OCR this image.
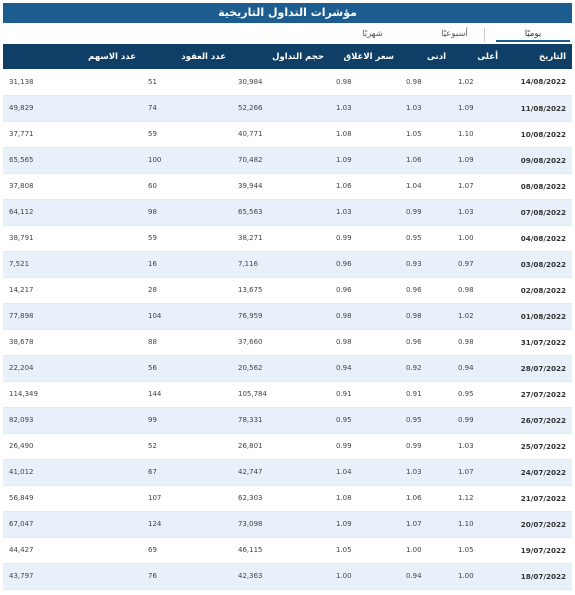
مؤشرات التداول التاريخية
يوميًا
أسبوعيًا
شهريًا
التاريخ	أعلى	ادنى	سعر الاغلاق	حجم التداول	عدد العقود	عدد الاسهم
14/08/2022	1.02	0.98	0.98	30,984	51	31,138
11/08/2022	1.09	1.03	1.03	52,266	74	49,829
10/08/2022	1.10	1.05	1.08	40,771	59	37,771
09/08/2022	1.09	1.06	1.09	70,482	100	65,565
08/08/2022	1.07	1.04	1.06	39,944	60	37,808
07/08/2022	1.03	0.99	1.03	65,563	98	64,112
04/08/2022	1.00	0.95	0.99	38,271	59	38,791
03/08/2022	0.97	0.93	0.96	7,116	16	7,521
02/08/2022	0.98	0.96	0.96	13,675	28	14,217
01/08/2022	1.02	0.98	0.98	76,959	104	77,898
31/07/2022	0.98	0.96	0.98	37,660	88	38,678
28/07/2022	0.94	0.92	0.94	20,562	56	22,204
27/07/2022	0.95	0.91	0.91	105,784	144	114,349
26/07/2022	0.99	0.95	0.95	78,331	99	82,093
25/07/2022	1.03	0.99	0.99	26,801	52	26,490
24/07/2022	1.07	1.03	1.04	42,747	67	41,012
21/07/2022	1.12	1.06	1.08	62,303	107	56,849
20/07/2022	1.10	1.07	1.09	73,098	124	67,047
19/07/2022	1.05	1.00	1.05	46,115	69	44,427
18/07/2022	1.00	0.94	1.00	42,363	76	43,797
